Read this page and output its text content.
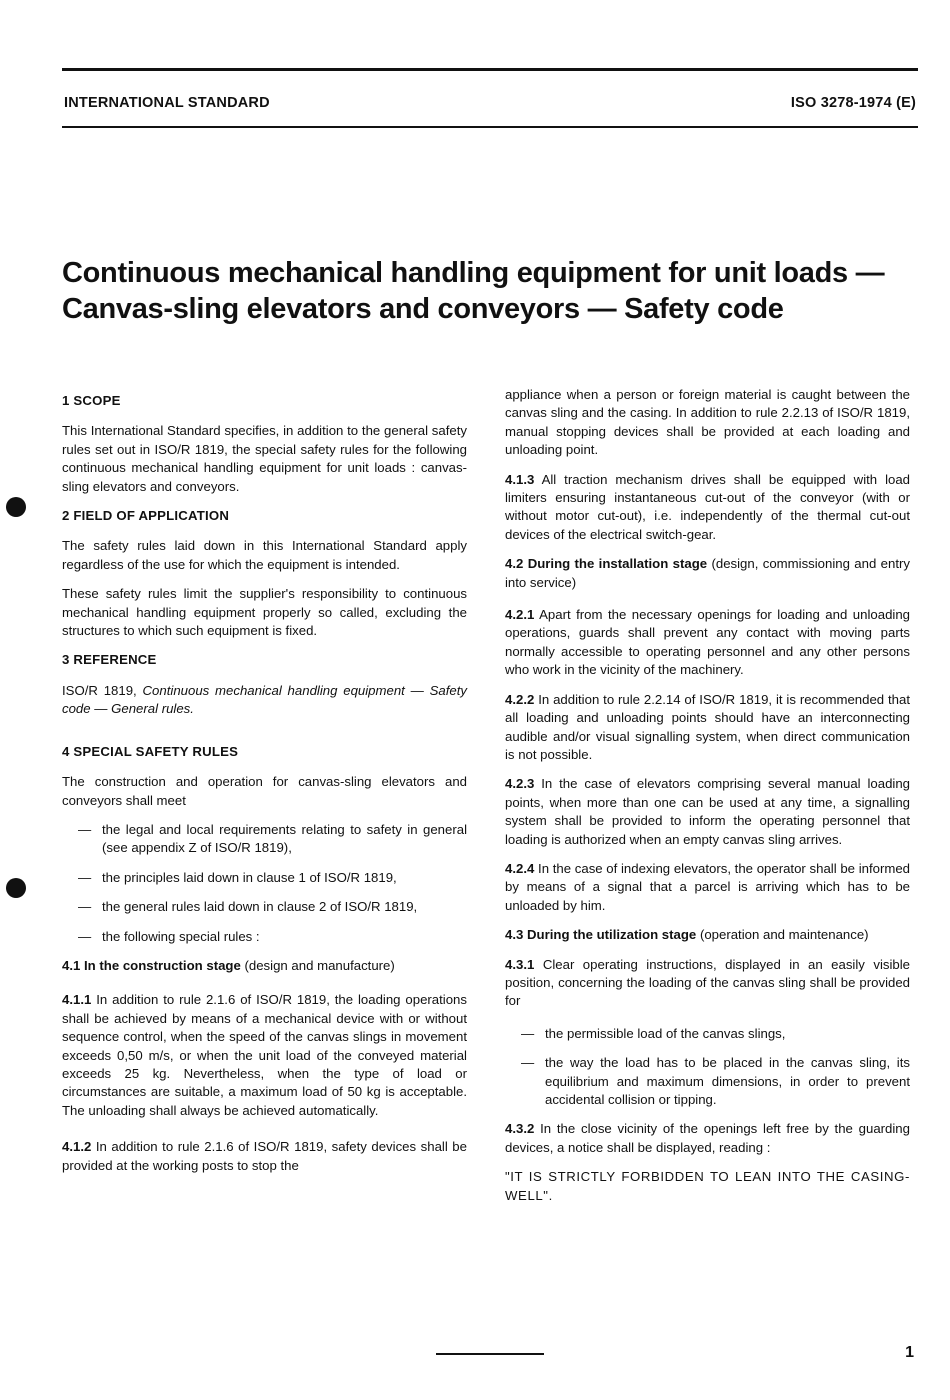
INTERNATIONAL STANDARD	ISO 3278-1974 (E)
Continuous mechanical handling equipment for unit loads —
Canvas-sling elevators and conveyors — Safety code

1 SCOPE

This International Standard specifies, in addition to the general safety rules set out in ISO/R 1819, the special safety rules for the following continuous mechanical handling equipment for unit loads : canvas-sling elevators and conveyors.

2 FIELD OF APPLICATION

The safety rules laid down in this International Standard apply regardless of the use for which the equipment is intended.

These safety rules limit the supplier's responsibility to continuous mechanical handling equipment properly so called, excluding the structures to which such equipment is fixed.

3 REFERENCE

ISO/R 1819, Continuous mechanical handling equipment — Safety code — General rules.

4 SPECIAL SAFETY RULES

The construction and operation for canvas-sling elevators and conveyors shall meet

— the legal and local requirements relating to safety in general (see appendix Z of ISO/R 1819),
— the principles laid down in clause 1 of ISO/R 1819,
— the general rules laid down in clause 2 of ISO/R 1819,
— the following special rules :

4.1 In the construction stage (design and manufacture)

4.1.1 In addition to rule 2.1.6 of ISO/R 1819, the loading operations shall be achieved by means of a mechanical device with or without sequence control, when the speed of the canvas slings in movement exceeds 0,50 m/s, or when the unit load of the conveyed material exceeds 25 kg. Nevertheless, when the type of load or circumstances are suitable, a maximum load of 50 kg is acceptable. The unloading shall always be achieved automatically.

4.1.2 In addition to rule 2.1.6 of ISO/R 1819, safety devices shall be provided at the working posts to stop the

appliance when a person or foreign material is caught between the canvas sling and the casing. In addition to rule 2.2.13 of ISO/R 1819, manual stopping devices shall be provided at each loading and unloading point.

4.1.3 All traction mechanism drives shall be equipped with load limiters ensuring instantaneous cut-out of the conveyor (with or without motor cut-out), i.e. independently of the thermal cut-out devices of the electrical switch-gear.

4.2 During the installation stage (design, commissioning and entry into service)

4.2.1 Apart from the necessary openings for loading and unloading operations, guards shall prevent any contact with moving parts normally accessible to operating personnel and any other persons who work in the vicinity of the machinery.

4.2.2 In addition to rule 2.2.14 of ISO/R 1819, it is recommended that all loading and unloading points should have an interconnecting audible and/or visual signalling system, when direct communication is not possible.

4.2.3 In the case of elevators comprising several manual loading points, when more than one can be used at any time, a signalling system shall be provided to inform the operating personnel that loading is authorized when an empty canvas sling arrives.

4.2.4 In the case of indexing elevators, the operator shall be informed by means of a signal that a parcel is arriving which has to be unloaded by him.

4.3 During the utilization stage (operation and maintenance)

4.3.1 Clear operating instructions, displayed in an easily visible position, concerning the loading of the canvas sling shall be provided for

— the permissible load of the canvas slings,
— the way the load has to be placed in the canvas sling, its equilibrium and maximum dimensions, in order to prevent accidental collision or tipping.

4.3.2 In the close vicinity of the openings left free by the guarding devices, a notice shall be displayed, reading :

"IT IS STRICTLY FORBIDDEN TO LEAN INTO THE CASING-WELL".

1
